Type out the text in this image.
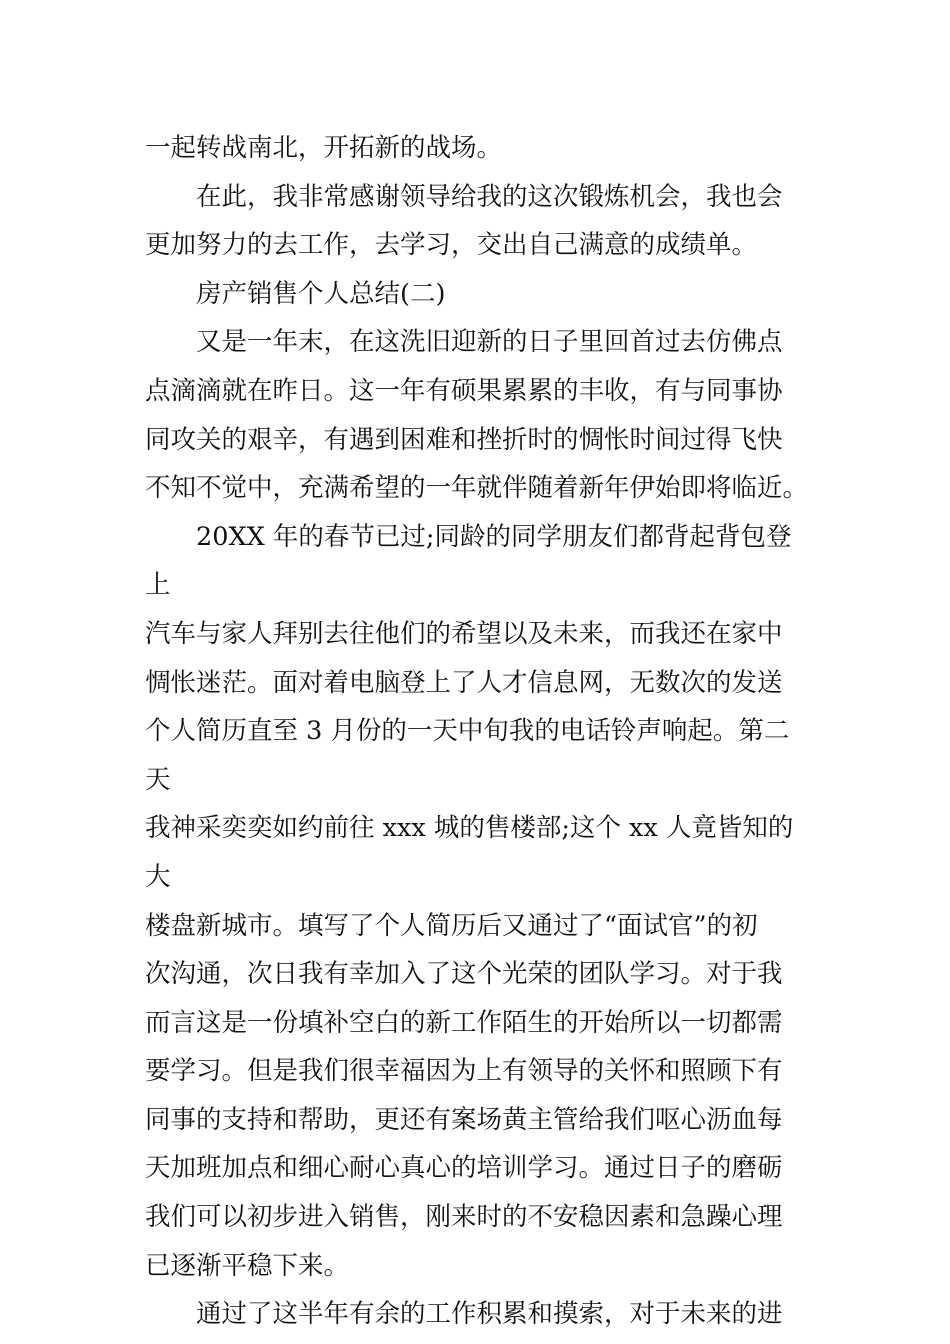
一起转战南北，开拓新的战场。

　　在此，我非常感谢领导给我的这次锻炼机会，我也会
更加努力的去工作，去学习，交出自己满意的成绩单。

　　房产销售个人总结(二)

　　又是一年末，在这洗旧迎新的日子里回首过去仿佛点
点滴滴就在昨日。这一年有硕果累累的丰收，有与同事协
同攻关的艰辛，有遇到困难和挫折时的惆怅时间过得飞快
不知不觉中，充满希望的一年就伴随着新年伊始即将临近。

　　20XX 年的春节已过;同龄的同学朋友们都背起背包登上
汽车与家人拜别去往他们的希望以及未来，而我还在家中
惆怅迷茫。面对着电脑登上了人才信息网，无数次的发送
个人简历直至 3 月份的一天中旬我的电话铃声响起。第二天
我神采奕奕如约前往 xxx 城的售楼部;这个 xx 人竟皆知的大
楼盘新城市。填写了个人简历后又通过了“面试官”的初
次沟通，次日我有幸加入了这个光荣的团队学习。对于我
而言这是一份填补空白的新工作陌生的开始所以一切都需
要学习。但是我们很幸福因为上有领导的关怀和照顾下有
同事的支持和帮助，更还有案场黄主管给我们呕心沥血每
天加班加点和细心耐心真心的培训学习。通过日子的磨砺
我们可以初步进入销售，刚来时的不安稳因素和急躁心理
已逐渐平稳下来。

　　通过了这半年有余的工作积累和摸索，对于未来的进
